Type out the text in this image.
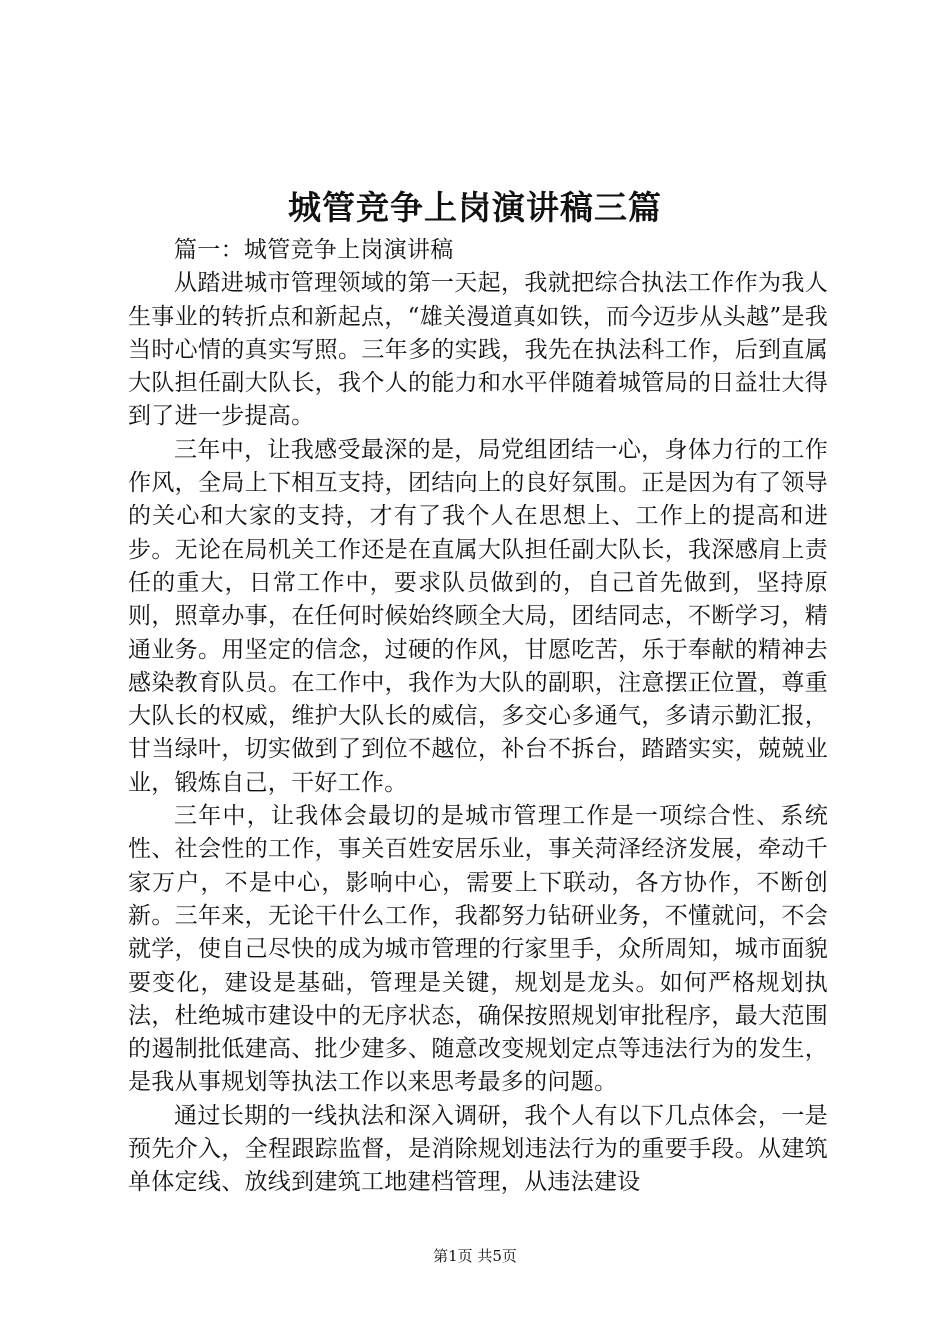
城管竞争上岗演讲稿三篇

篇一：城管竞争上岗演讲稿

从踏进城市管理领域的第一天起，我就把综合执法工作作为我人生事业的转折点和新起点，“雄关漫道真如铁，而今迈步从头越”是我当时心情的真实写照。三年多的实践，我先在执法科工作，后到直属大队担任副大队长，我个人的能力和水平伴随着城管局的日益壮大得到了进一步提高。

三年中，让我感受最深的是，局党组团结一心，身体力行的工作作风，全局上下相互支持，团结向上的良好氛围。正是因为有了领导的关心和大家的支持，才有了我个人在思想上、工作上的提高和进步。无论在局机关工作还是在直属大队担任副大队长，我深感肩上责任的重大，日常工作中，要求队员做到的，自己首先做到，坚持原则，照章办事，在任何时候始终顾全大局，团结同志，不断学习，精通业务。用坚定的信念，过硬的作风，甘愿吃苦，乐于奉献的精神去感染教育队员。在工作中，我作为大队的副职，注意摆正位置，尊重大队长的权威，维护大队长的威信，多交心多通气，多请示勤汇报，甘当绿叶，切实做到了到位不越位，补台不拆台，踏踏实实，兢兢业业，锻炼自己，干好工作。

三年中，让我体会最切的是城市管理工作是一项综合性、系统性、社会性的工作，事关百姓安居乐业，事关菏泽经济发展，牵动千家万户，不是中心，影响中心，需要上下联动，各方协作，不断创新。三年来，无论干什么工作，我都努力钻研业务，不懂就问，不会就学，使自己尽快的成为城市管理的行家里手，众所周知，城市面貌要变化，建设是基础，管理是关键，规划是龙头。如何严格规划执法，杜绝城市建设中的无序状态，确保按照规划审批程序，最大范围的遏制批低建高、批少建多、随意改变规划定点等违法行为的发生，是我从事规划等执法工作以来思考最多的问题。

通过长期的一线执法和深入调研，我个人有以下几点体会，一是预先介入，全程跟踪监督，是消除规划违法行为的重要手段。从建筑单体定线、放线到建筑工地建档管理，从违法建设

第1页 共5页
